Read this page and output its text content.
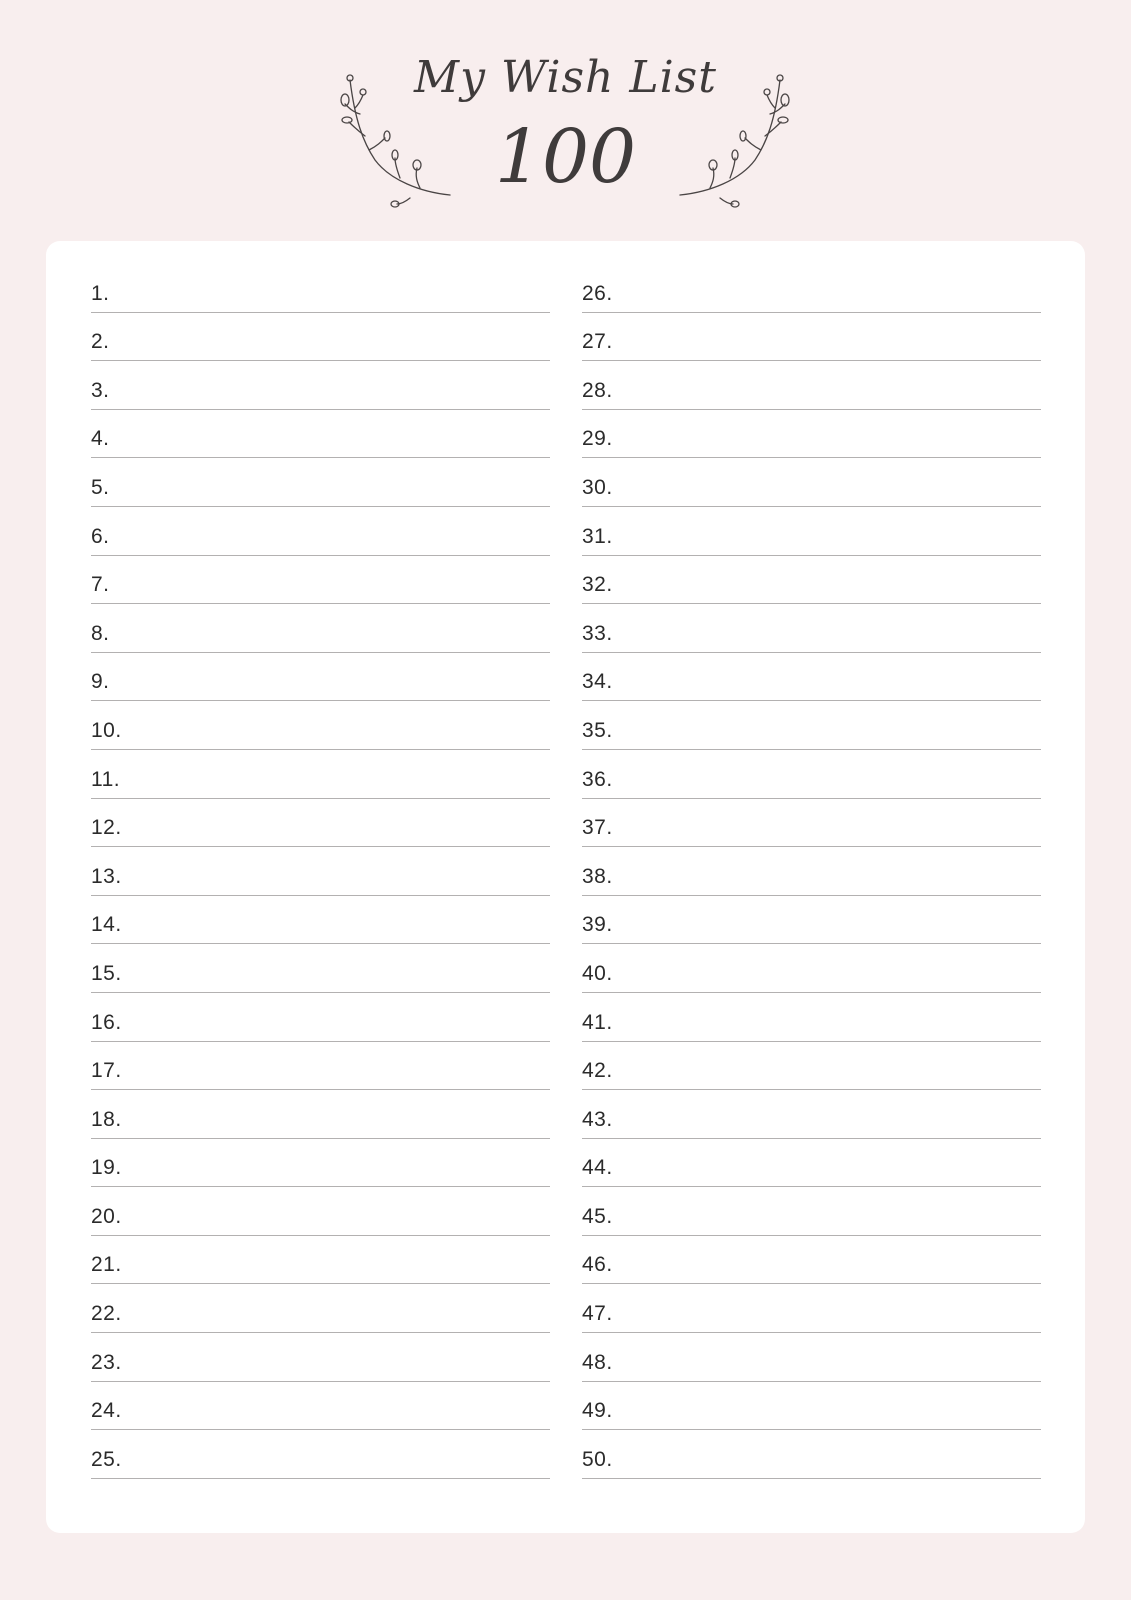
My Wish List
100
1.
2.
3.
4.
5.
6.
7.
8.
9.
10.
11.
12.
13.
14.
15.
16.
17.
18.
19.
20.
21.
22.
23.
24.
25.
26.
27.
28.
29.
30.
31.
32.
33.
34.
35.
36.
37.
38.
39.
40.
41.
42.
43.
44.
45.
46.
47.
48.
49.
50.
